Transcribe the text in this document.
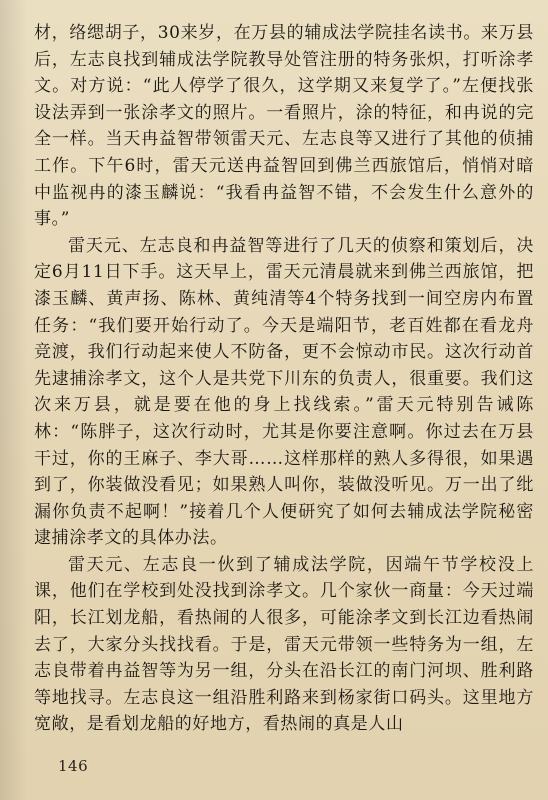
材，络缌胡子，30来岁，在万县的辅成法学院挂名读书。来万县后，左志良找到辅成法学院教导处管注册的特务张炽，打听涂孝文。对方说：“此人停学了很久，这学期又来复学了。”左便找张设法弄到一张涂孝文的照片。一看照片，涂的特征，和冉说的完全一样。当天冉益智带领雷天元、左志良等又进行了其他的侦捕工作。下午6时，雷天元送冉益智回到佛兰西旅馆后，悄悄对暗中监视冉的漆玉麟说：“我看冉益智不错，不会发生什么意外的事。”

雷天元、左志良和冉益智等进行了几天的侦察和策划后，决定6月11日下手。这天早上，雷天元清晨就来到佛兰西旅馆，把漆玉麟、黄声扬、陈林、黄纯清等4个特务找到一间空房内布置任务：“我们要开始行动了。今天是端阳节，老百姓都在看龙舟竞渡，我们行动起来使人不防备，更不会惊动市民。这次行动首先逮捕涂孝文，这个人是共党下川东的负责人，很重要。我们这次来万县，就是要在他的身上找线索。”雷天元特别告诫陈林：“陈胖子，这次行动时，尤其是你要注意啊。你过去在万县干过，你的王麻子、李大哥……这样那样的熟人多得很，如果遇到了，你装做没看见；如果熟人叫你，装做没听见。万一出了纰漏你负责不起啊！”接着几个人便研究了如何去辅成法学院秘密逮捕涂孝文的具体办法。

雷天元、左志良一伙到了辅成法学院，因端午节学校没上课，他们在学校到处没找到涂孝文。几个家伙一商量：今天过端阳，长江划龙船，看热闹的人很多，可能涂孝文到长江边看热闹去了，大家分头找找看。于是，雷天元带领一些特务为一组，左志良带着冉益智等为另一组，分头在沿长江的南门河坝、胜利路等地找寻。左志良这一组沿胜利路来到杨家街口码头。这里地方宽敞，是看划龙船的好地方，看热闹的真是人山

146
